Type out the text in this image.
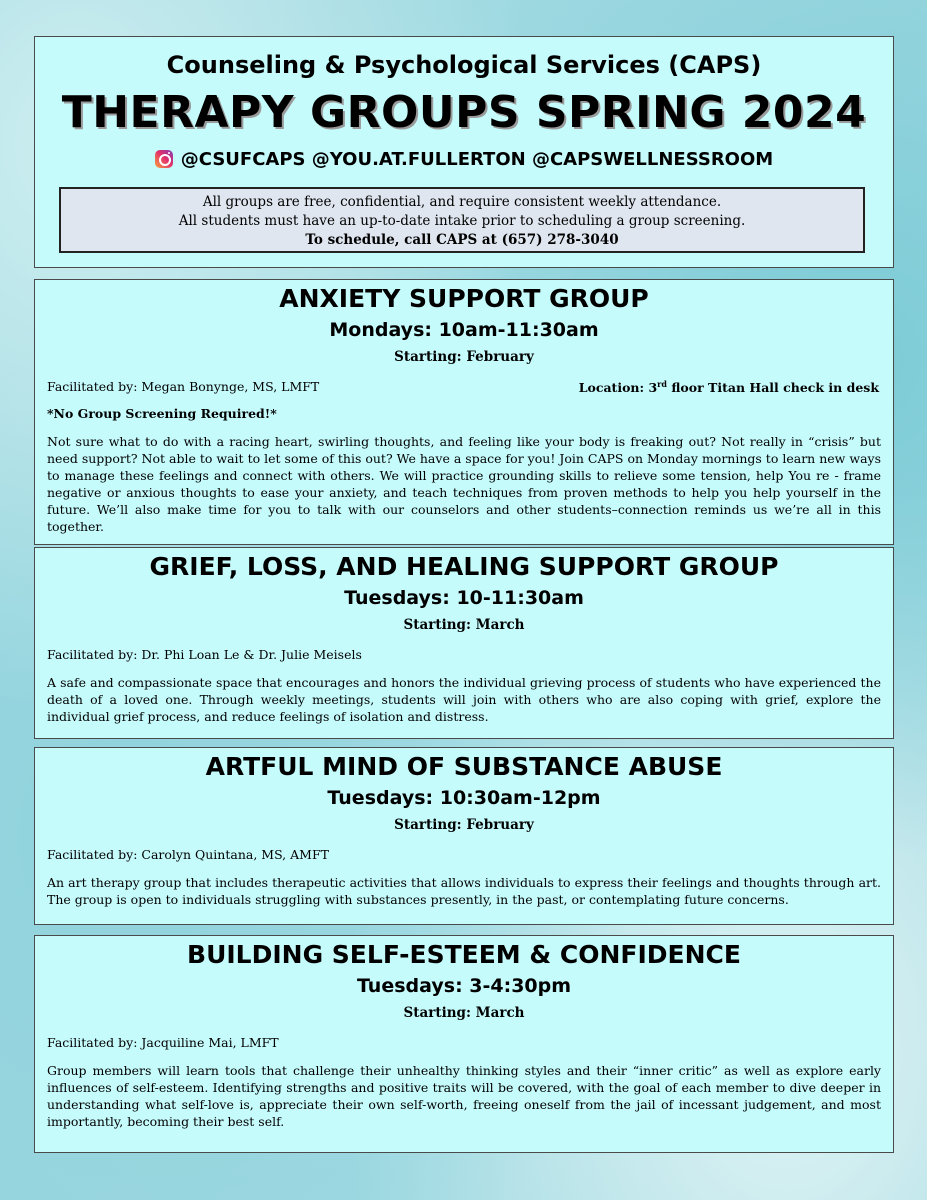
Counseling & Psychological Services (CAPS)
THERAPY GROUPS SPRING 2024
@CSUFCAPS @YOU.AT.FULLERTON @CAPSWELLNESSROOM
All groups are free, confidential, and require consistent weekly attendance.
All students must have an up-to-date intake prior to scheduling a group screening.
To schedule, call CAPS at (657) 278-3040
ANXIETY SUPPORT GROUP
Mondays: 10am-11:30am
Starting: February
Facilitated by: Megan Bonynge, MS, LMFT	Location: 3rd floor Titan Hall check in desk
*No Group Screening Required!*
Not sure what to do with a racing heart, swirling thoughts, and feeling like your body is freaking out? Not really in “crisis” but need support? Not able to wait to let some of this out? We have a space for you! Join CAPS on Monday mornings to learn new ways to manage these feelings and connect with others. We will practice grounding skills to relieve some tension, help You re - frame negative or anxious thoughts to ease your anxiety, and teach techniques from proven methods to help you help yourself in the future. We’ll also make time for you to talk with our counselors and other students–connection reminds us we’re all in this together.
GRIEF, LOSS, AND HEALING SUPPORT GROUP
Tuesdays: 10-11:30am
Starting: March
Facilitated by: Dr. Phi Loan Le & Dr. Julie Meisels
A safe and compassionate space that encourages and honors the individual grieving process of students who have experienced the death of a loved one. Through weekly meetings, students will join with others who are also coping with grief, explore the individual grief process, and reduce feelings of isolation and distress.
ARTFUL MIND OF SUBSTANCE ABUSE
Tuesdays: 10:30am-12pm
Starting: February
Facilitated by: Carolyn Quintana, MS, AMFT
An art therapy group that includes therapeutic activities that allows individuals to express their feelings and thoughts through art. The group is open to individuals struggling with substances presently, in the past, or contemplating future concerns.
BUILDING SELF-ESTEEM & CONFIDENCE
Tuesdays: 3-4:30pm
Starting: March
Facilitated by: Jacquiline Mai, LMFT
Group members will learn tools that challenge their unhealthy thinking styles and their “inner critic” as well as explore early influences of self-esteem. Identifying strengths and positive traits will be covered, with the goal of each member to dive deeper in understanding what self-love is, appreciate their own self-worth, freeing oneself from the jail of incessant judgement, and most importantly, becoming their best self.
